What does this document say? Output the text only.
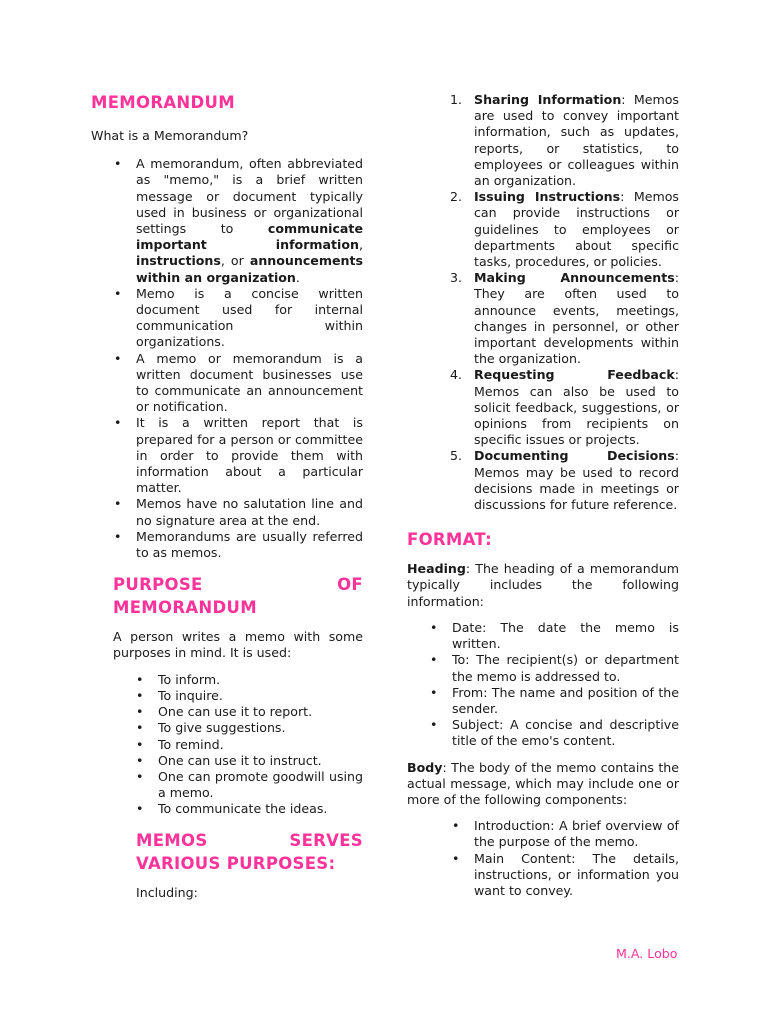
MEMORANDUM

What is a Memorandum?

• A memorandum, often abbreviated as "memo," is a brief written message or document typically used in business or organizational settings to communicate important information, instructions, or announcements within an organization.
• Memo is a concise written document used for internal communication within organizations.
• A memo or memorandum is a written document businesses use to communicate an announcement or notification.
• It is a written report that is prepared for a person or committee in order to provide them with information about a particular matter.
• Memos have no salutation line and no signature area at the end.
• Memorandums are usually referred to as memos.
PURPOSE OF MEMORANDUM

A person writes a memo with some purposes in mind. It is used:

• To inform.
• To inquire.
• One can use it to report.
• To give suggestions.
• To remind.
• One can use it to instruct.
• One can promote goodwill using a memo.
• To communicate the ideas.
MEMOS SERVES VARIOUS PURPOSES:

Including:

1. Sharing Information: Memos are used to convey important information, such as updates, reports, or statistics, to employees or colleagues within an organization.
2. Issuing Instructions: Memos can provide instructions or guidelines to employees or departments about specific tasks, procedures, or policies.
3. Making Announcements: They are often used to announce events, meetings, changes in personnel, or other important developments within the organization.
4. Requesting Feedback: Memos can also be used to solicit feedback, suggestions, or opinions from recipients on specific issues or projects.
5. Documenting Decisions: Memos may be used to record decisions made in meetings or discussions for future reference.
FORMAT:

Heading: The heading of a memorandum typically includes the following information:

• Date: The date the memo is written.
• To: The recipient(s) or department the memo is addressed to.
• From: The name and position of the sender.
• Subject: A concise and descriptive title of the emo's content.

Body: The body of the memo contains the actual message, which may include one or more of the following components:

• Introduction: A brief overview of the purpose of the memo.
• Main Content: The details, instructions, or information you want to convey.
M.A. Lobo
